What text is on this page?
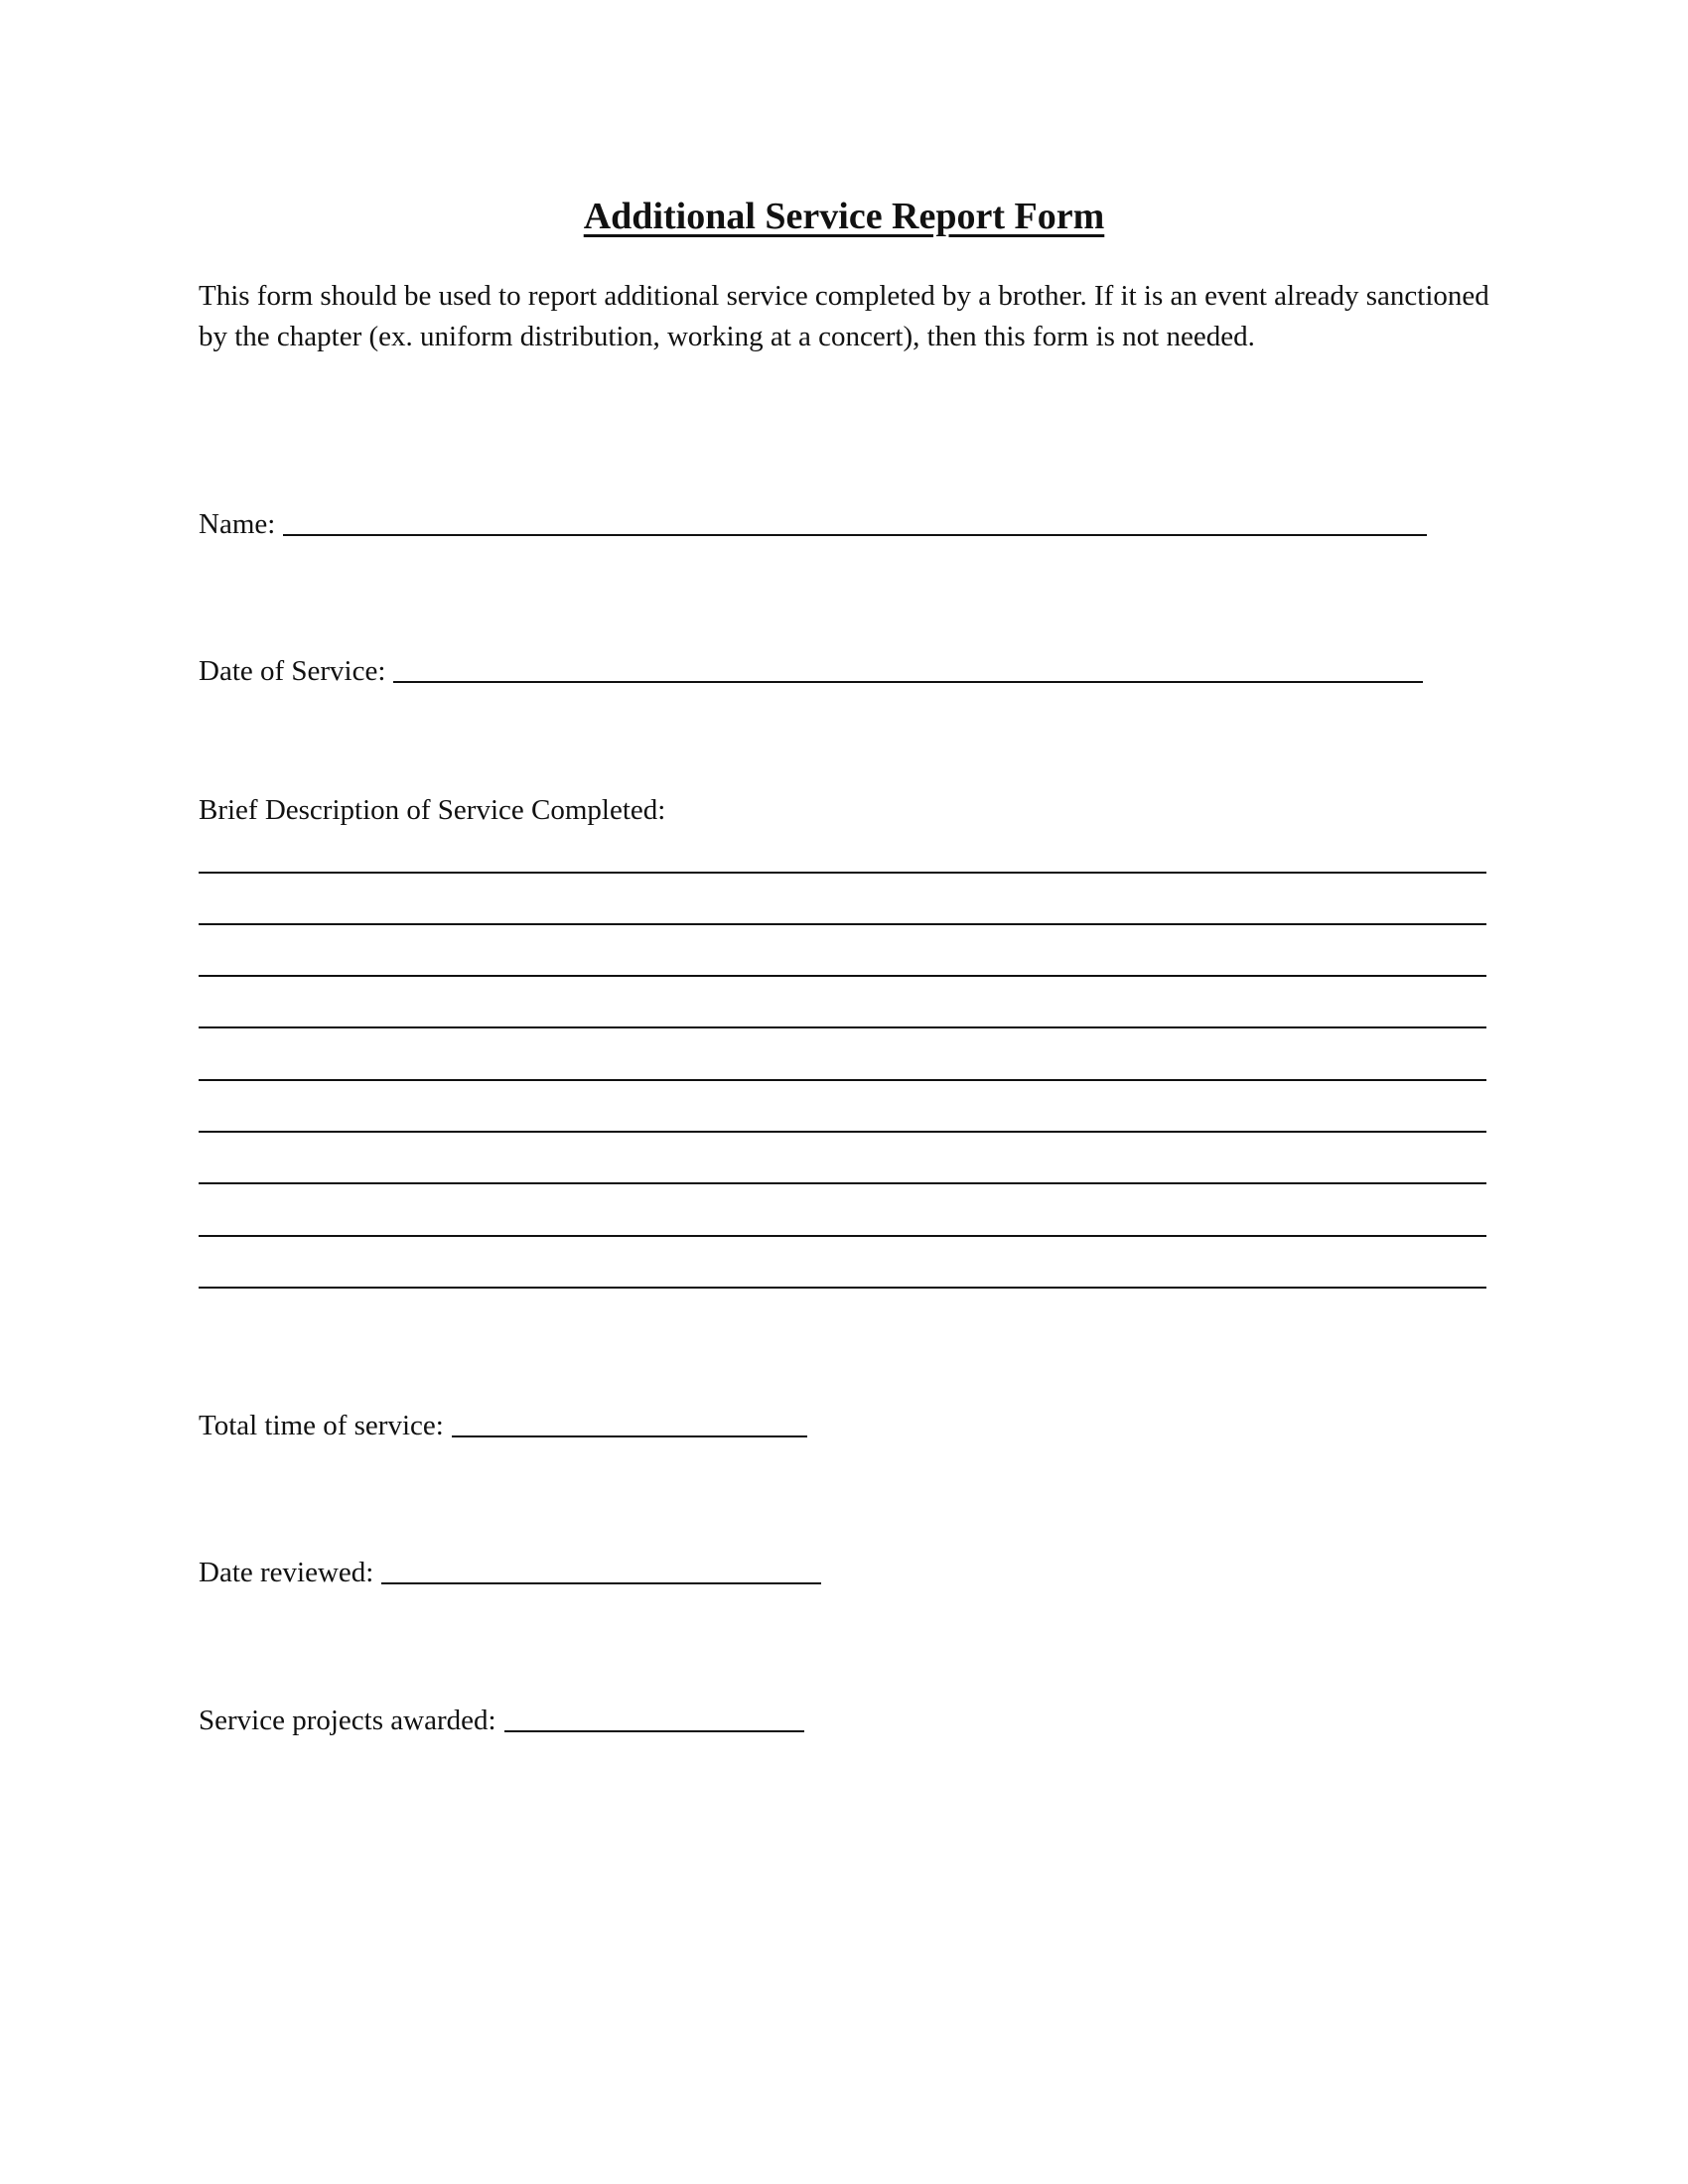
Additional Service Report Form
This form should be used to report additional service completed by a brother. If it is an event already sanctioned by the chapter (ex. uniform distribution, working at a concert), then this form is not needed.
Name:
Date of Service:
Brief Description of Service Completed:
Total time of service:
Date reviewed:
Service projects awarded:
